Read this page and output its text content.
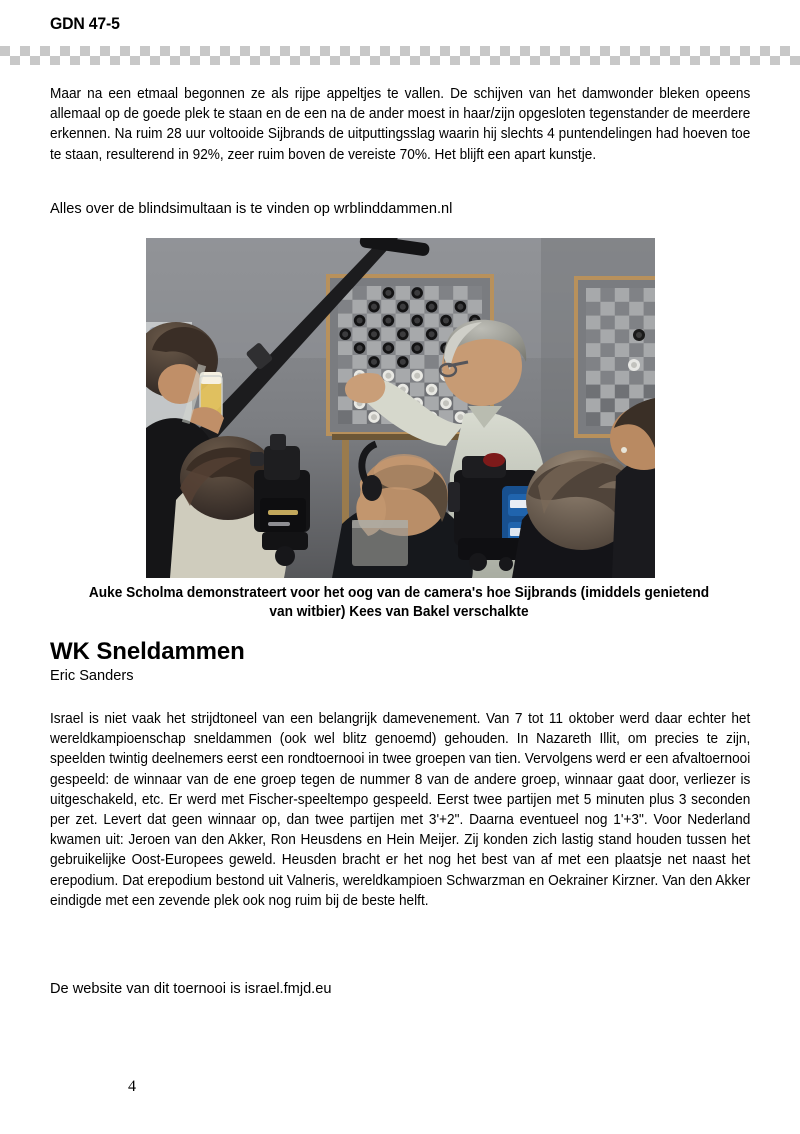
GDN 47-5

Maar na een etmaal begonnen ze als rijpe appeltjes te vallen. De schijven van het damwonder bleken opeens allemaal op de goede plek te staan en de een na de ander moest in haar/zijn opgesloten tegenstander de meerdere erkennen. Na ruim 28 uur voltooide Sijbrands de uitputtingsslag waarin hij slechts 4 puntendelingen had hoeven toe te staan, resulterend in 92%, zeer ruim boven de vereiste 70%. Het blijft een apart kunstje.

Alles over de blindsimultaan is te vinden op wrblinddammen.nl

Israel is niet vaak het strijdtoneel van een belangrijk damevenement. Van 7 tot 11 oktober werd daar echter het wereldkampioenschap sneldammen (ook wel blitz genoemd) gehouden. In Nazareth Illit, om precies te zijn, speelden twintig deelnemers eerst een rondtoernooi in twee groepen van tien. Vervolgens werd er een afvaltoernooi gespeeld: de winnaar van de ene groep tegen de nummer 8 van de andere groep, winnaar gaat door, verliezer is uitgeschakeld, etc. Er werd met Fischer-speeltempo gespeeld. Eerst twee partijen met 5 minuten plus 3 seconden per zet. Levert dat geen winnaar op, dan twee partijen met 3'+2". Daarna eventueel nog 1'+3". Voor Nederland kwamen uit: Jeroen van den Akker, Ron Heusdens en Hein Meijer. Zij konden zich lastig stand houden tussen het gebruikelijke Oost-Europees geweld. Heusden bracht er het nog het best van af met een plaatsje net naast het erepodium. Dat erepodium bestond uit Valneris, wereldkampioen Schwarzman en Oekrainer Kirzner. Van den Akker eindigde met een zevende plek ook nog ruim bij de beste helft.

De website van dit toernooi is israel.fmjd.eu

Auke Scholma demonstrateert voor het oog van de camera's hoe Sijbrands (imiddels genietend van witbier) Kees van Bakel verschalkte
WK Sneldammen
Eric Sanders
4
